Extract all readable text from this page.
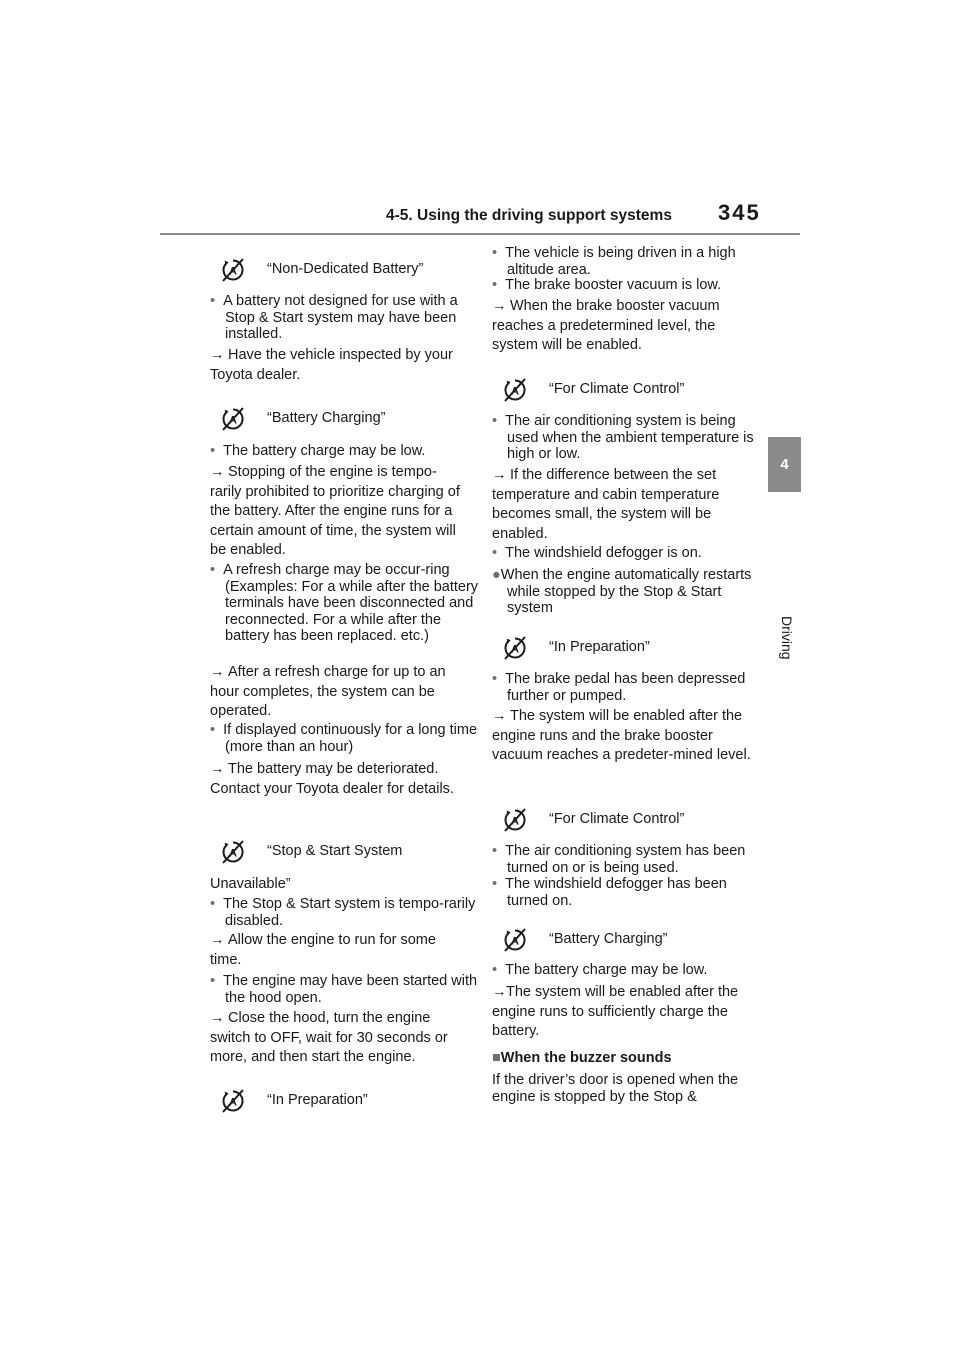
4-5. Using the driving support systems 345
4
Driving
“Non-Dedicated Battery”
• A battery not designed for use with a Stop & Start system may have been installed.
→ Have the vehicle inspected by your Toyota dealer.
“Battery Charging”
• The battery charge may be low.
→ Stopping of the engine is tempo-rarily prohibited to prioritize charging of the battery. After the engine runs for a certain amount of time, the system will be enabled.
• A refresh charge may be occur-ring (Examples: For a while after the battery terminals have been disconnected and reconnected. For a while after the battery has been replaced. etc.)
→ After a refresh charge for up to an hour completes, the system can be operated.
• If displayed continuously for a long time (more than an hour)
→ The battery may be deteriorated. Contact your Toyota dealer for details.
“Stop & Start System
Unavailable”
• The Stop & Start system is tempo-rarily disabled.
→ Allow the engine to run for some time.
• The engine may have been started with the hood open.
→ Close the hood, turn the engine switch to OFF, wait for 30 seconds or more, and then start the engine.
“In Preparation”
• The vehicle is being driven in a high altitude area.
• The brake booster vacuum is low.
→ When the brake booster vacuum reaches a predetermined level, the system will be enabled.
“For Climate Control”
• The air conditioning system is being used when the ambient temperature is high or low.
→ If the difference between the set temperature and cabin temperature becomes small, the system will be enabled.
• The windshield defogger is on.
●When the engine automatically restarts while stopped by the Stop & Start system
“In Preparation”
• The brake pedal has been depressed further or pumped.
→ The system will be enabled after the engine runs and the brake booster vacuum reaches a predeter-mined level.
“For Climate Control”
• The air conditioning system has been turned on or is being used.
• The windshield defogger has been turned on.
“Battery Charging”
• The battery charge may be low.
→The system will be enabled after the engine runs to sufficiently charge the battery.
■When the buzzer sounds
If the driver’s door is opened when the engine is stopped by the Stop &
